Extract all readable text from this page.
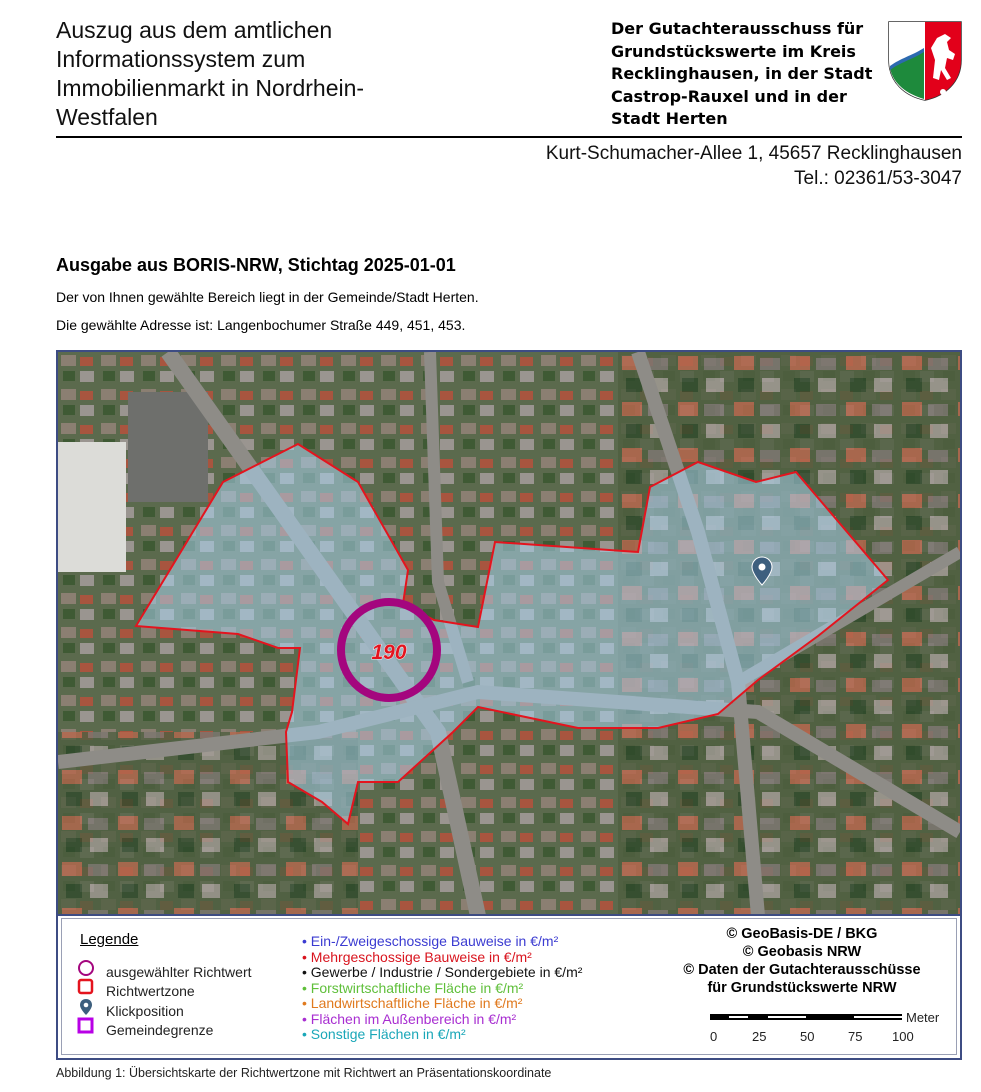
Auszug aus dem amtlichen
Informationssystem zum
Immobilienmarkt in Nordrhein-
Westfalen
Der Gutachterausschuss für
Grundstückswerte im Kreis
Recklinghausen, in der Stadt
Castrop-Rauxel und in der
Stadt Herten
Kurt-Schumacher-Allee 1, 45657 Recklinghausen
Tel.: 02361/53-3047
Ausgabe aus BORIS-NRW, Stichtag 2025-01-01
Der von Ihnen gewählte Bereich liegt in der Gemeinde/Stadt Herten.
Die gewählte Adresse ist: Langenbochumer Straße 449, 451, 453.
190
Legende
ausgewählter Richtwert
Richtwertzone
Klickposition
Gemeindegrenze
• Ein-/Zweigeschossige Bauweise in €/m²
• Mehrgeschossige Bauweise in €/m²
• Gewerbe / Industrie / Sondergebiete in €/m²
• Forstwirtschaftliche Fläche in €/m²
• Landwirtschaftliche Fläche in €/m²
• Flächen im Außenbereich in €/m²
• Sonstige Flächen in €/m²
© GeoBasis-DE / BKG
© Geobasis NRW
© Daten der Gutachterausschüsse
für Grundstückswerte NRW
Meter
0	25	50	75 100
Abbildung 1: Übersichtskarte der Richtwertzone mit Richtwert an Präsentationskoordinate
